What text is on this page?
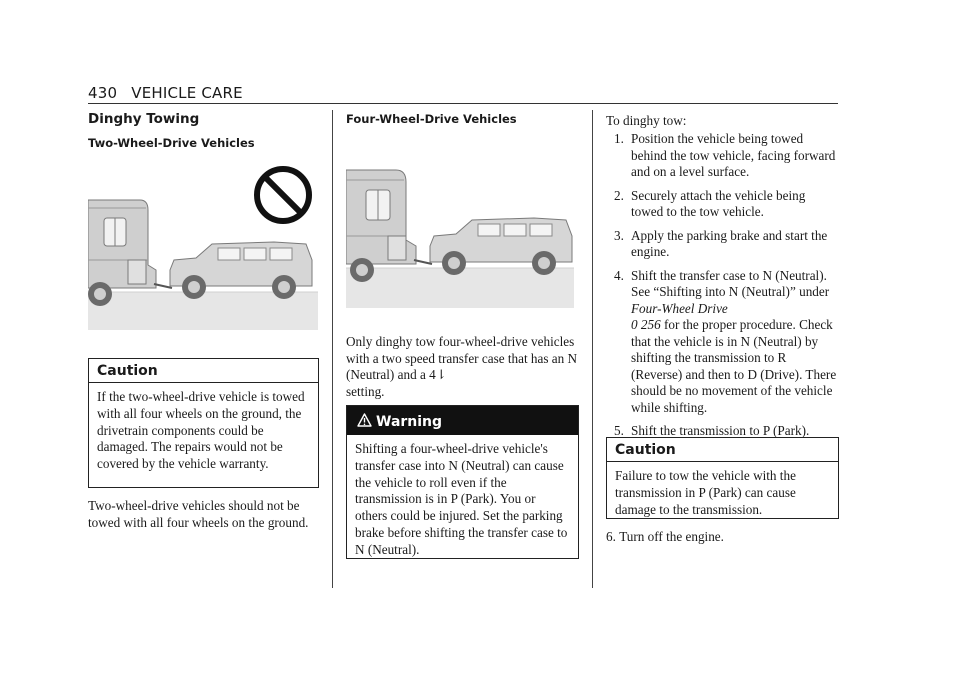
430 VEHICLE CARE
Dinghy Towing
Two-Wheel-Drive Vehicles
Caution
If the two-wheel-drive vehicle is towed with all four wheels on the ground, the drivetrain components could be damaged. The repairs would not be covered by the vehicle warranty.
Two-wheel-drive vehicles should not be towed with all four wheels on the ground.
Four-Wheel-Drive Vehicles
Only dinghy tow four-wheel-drive vehicles with a two speed transfer case that has an N (Neutral) and a 4⇂
setting.
Warning
Shifting a four-wheel-drive vehicle's transfer case into N (Neutral) can cause the vehicle to roll even if the transmission is in P (Park). You or others could be injured. Set the parking brake before shifting the transfer case to N (Neutral).
To dinghy tow:
1. Position the vehicle being towed behind the tow vehicle, facing forward and on a level surface.
2. Securely attach the vehicle being towed to the tow vehicle.
3. Apply the parking brake and start the engine.
4. Shift the transfer case to N (Neutral). See “Shifting into N (Neutral)” under Four-Wheel Drive
0 256 for the proper procedure. Check that the vehicle is in N (Neutral) by shifting the transmission to R (Reverse) and then to D (Drive). There should be no movement of the vehicle while shifting.
5. Shift the transmission to P (Park).
Caution
Failure to tow the vehicle with the transmission in P (Park) can cause damage to the transmission.
6. Turn off the engine.
